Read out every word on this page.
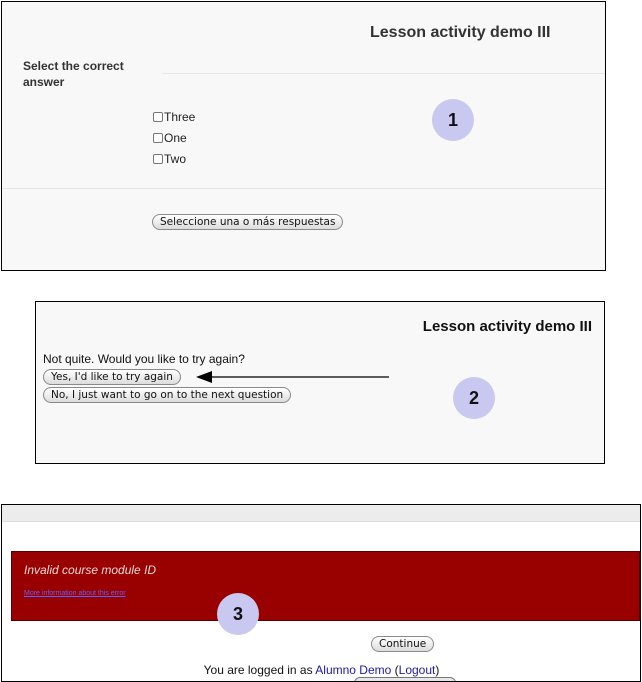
Lesson activity demo III
Select the correct answer
Three
One
Two
Seleccione una o más respuestas
1
Lesson activity demo III
Not quite. Would you like to try again?
Yes, I'd like to try again
No, I just want to go on to the next question	2
Invalid course module ID
More information about this error
Continue
You are logged in as Alumno Demo (Logout)
3
